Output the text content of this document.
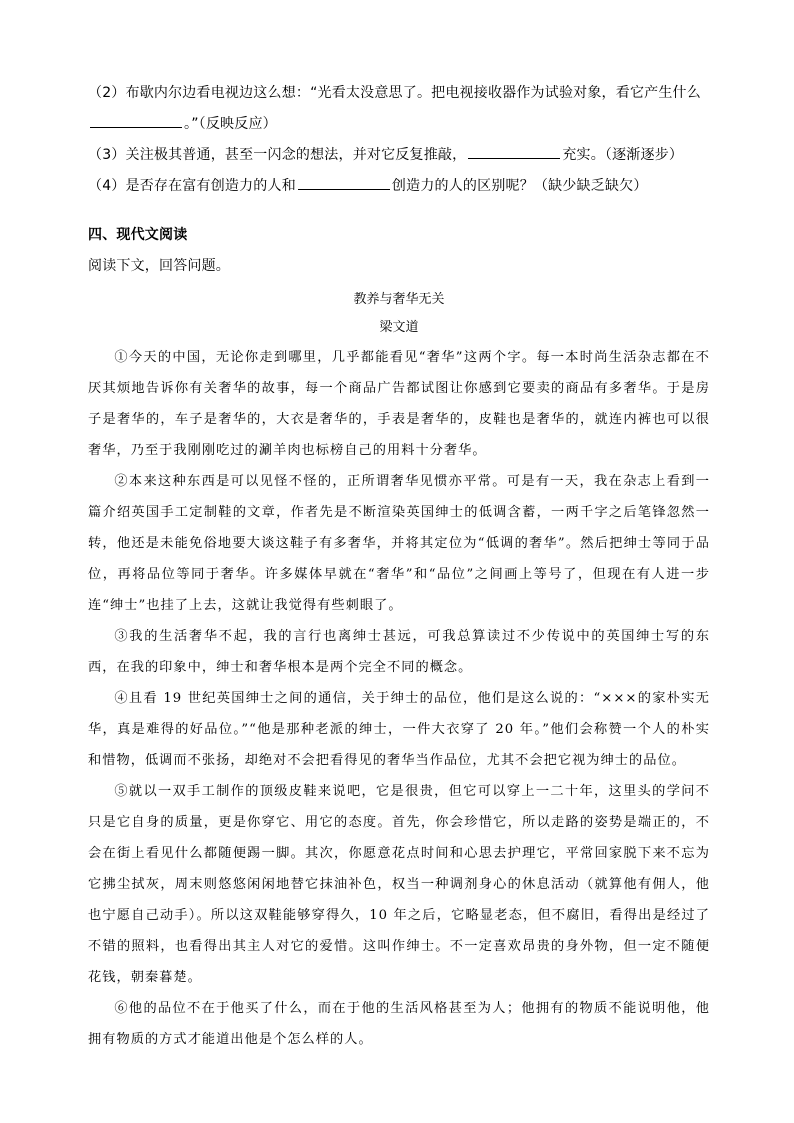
（2）布歇内尔边看电视边这么想：“光看太没意思了。把电视接收器作为试验对象，看它产生什么
。”（反映反应）
（3）关注极其普通，甚至一闪念的想法，并对它反复推敲，	充实。（逐渐逐步）
（4）是否存在富有创造力的人和	创造力的人的区别呢？（缺少缺乏缺欠）
四、现代文阅读
阅读下文，回答问题。
教养与奢华无关
梁文道

①今天的中国，无论你走到哪里，几乎都能看见“奢华”这两个字。每一本时尚生活杂志都在不厌其烦地告诉你有关奢华的故事，每一个商品广告都试图让你感到它要卖的商品有多奢华。于是房子是奢华的，车子是奢华的，大衣是奢华的，手表是奢华的，皮鞋也是奢华的，就连内裤也可以很奢华，乃至于我刚刚吃过的涮羊肉也标榜自己的用料十分奢华。

②本来这种东西是可以见怪不怪的，正所谓奢华见惯亦平常。可是有一天，我在杂志上看到一篇介绍英国手工定制鞋的文章，作者先是不断渲染英国绅士的低调含蓄，一两千字之后笔锋忽然一转，他还是未能免俗地要大谈这鞋子有多奢华，并将其定位为“低调的奢华”。然后把绅士等同于品位，再将品位等同于奢华。许多媒体早就在“奢华”和“品位”之间画上等号了，但现在有人进一步连“绅士”也挂了上去，这就让我觉得有些刺眼了。

③我的生活奢华不起，我的言行也离绅士甚远，可我总算读过不少传说中的英国绅士写的东西，在我的印象中，绅士和奢华根本是两个完全不同的概念。

④且看 19 世纪英国绅士之间的通信，关于绅士的品位，他们是这么说的：“×××的家朴实无华，真是难得的好品位。”“他是那种老派的绅士，一件大衣穿了 20 年。”他们会称赞一个人的朴实和惜物，低调而不张扬，却绝对不会把看得见的奢华当作品位，尤其不会把它视为绅士的品位。

⑤就以一双手工制作的顶级皮鞋来说吧，它是很贵，但它可以穿上一二十年，这里头的学问不只是它自身的质量，更是你穿它、用它的态度。首先，你会珍惜它，所以走路的姿势是端正的，不会在街上看见什么都随便踢一脚。其次，你愿意花点时间和心思去护理它，平常回家脱下来不忘为它拂尘拭灰，周末则悠悠闲闲地替它抹油补色，权当一种调剂身心的休息活动（就算他有佣人，他也宁愿自己动手）。所以这双鞋能够穿得久，10 年之后，它略显老态，但不腐旧，看得出是经过了不错的照料，也看得出其主人对它的爱惜。这叫作绅士。不一定喜欢昂贵的身外物，但一定不随便花钱，朝秦暮楚。

⑥他的品位不在于他买了什么，而在于他的生活风格甚至为人；他拥有的物质不能说明他，他拥有物质的方式才能道出他是个怎么样的人。
